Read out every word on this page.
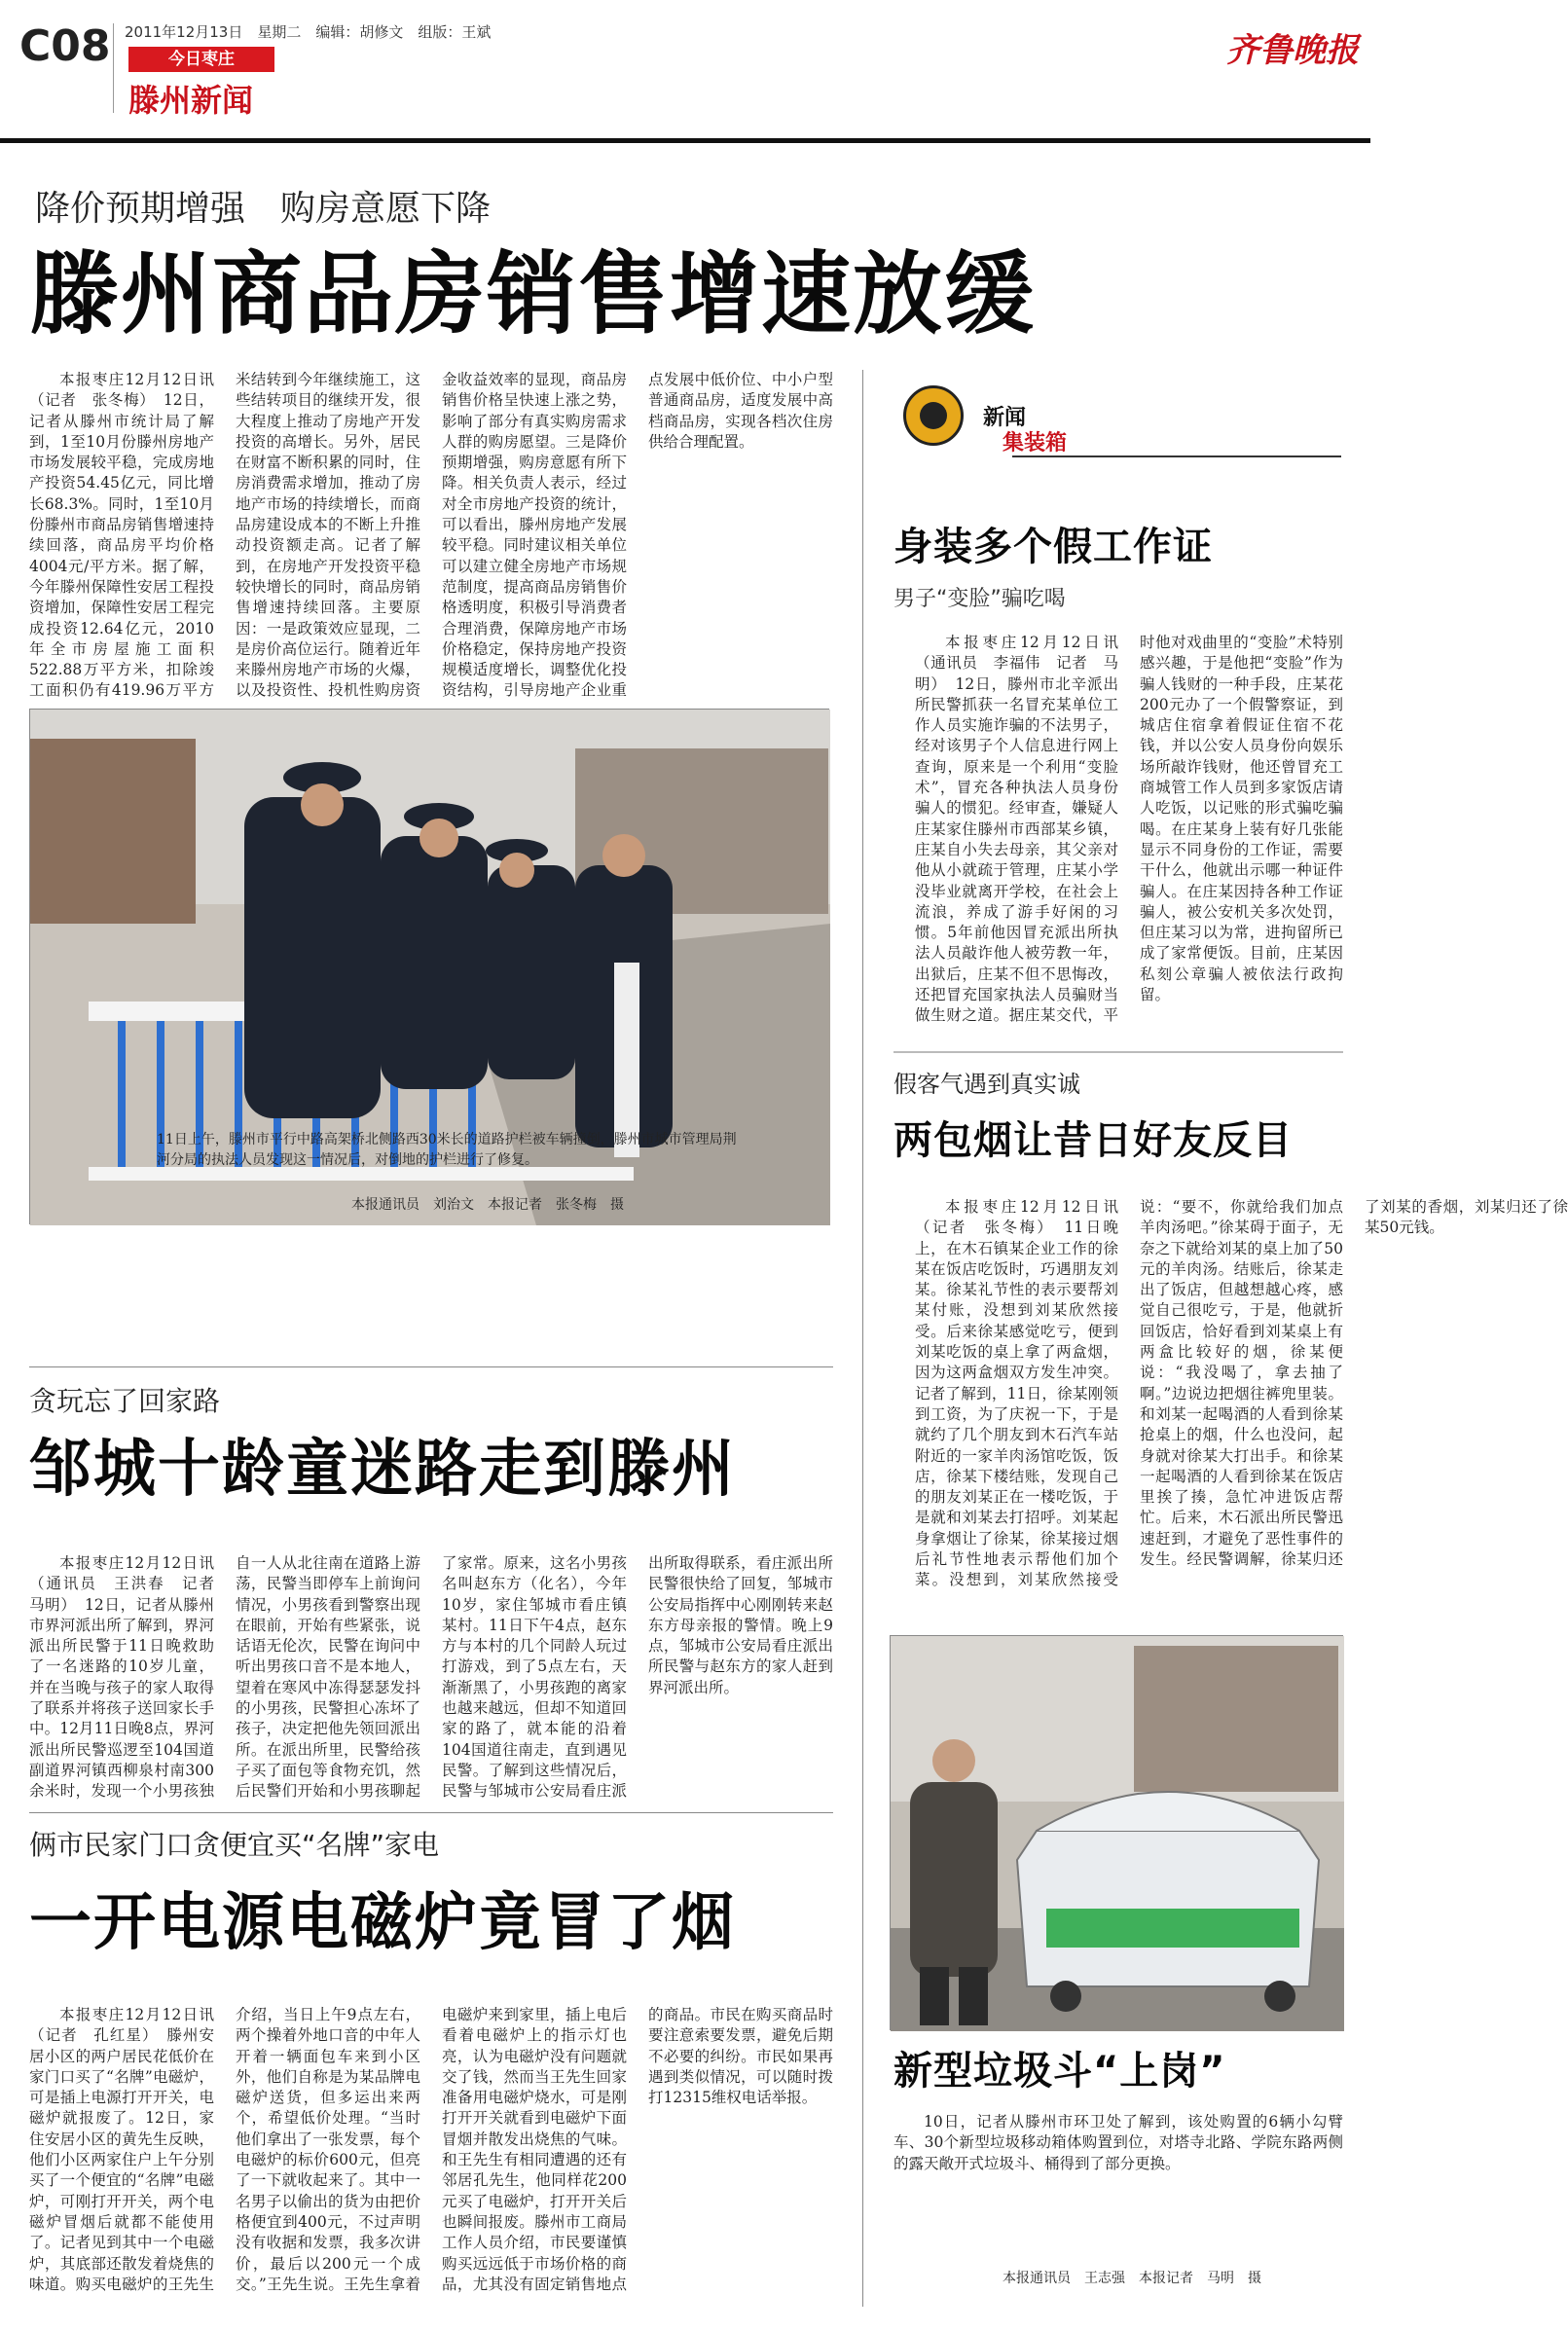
C08 2011年12月13日　星期二　编辑：胡修文　组版：王斌
今日枣庄
滕州新闻
齐鲁晚报
降价预期增强　购房意愿下降
滕州商品房销售增速放缓

本报枣庄12月12日讯（记者　张冬梅）　12日，记者从滕州市统计局了解到，1至10月份滕州房地产市场发展较平稳，完成房地产投资54.45亿元，同比增长68.3%。同时，1至10月份滕州市商品房销售增速持续回落，商品房平均价格4004元/平方米。据了解，今年滕州保障性安居工程投资增加，保障性安居工程完成投资12.64亿元，2010年全市房屋施工面积522.88万平方米，扣除竣工面积仍有419.96万平方米结转到今年继续施工，这些结转项目的继续开发，很大程度上推动了房地产开发投资的高增长。另外，居民在财富不断积累的同时，住房消费需求增加，推动了房地产市场的持续增长，而商品房建设成本的不断上升推动投资额走高。记者了解到，在房地产开发投资平稳较快增长的同时，商品房销售增速持续回落。主要原因：一是政策效应显现，二是房价高位运行。随着近年来滕州房地产市场的火爆，以及投资性、投机性购房资金收益效率的显现，商品房销售价格呈快速上涨之势，影响了部分有真实购房需求人群的购房愿望。三是降价预期增强，购房意愿有所下降。相关负责人表示，经过对全市房地产投资的统计，可以看出，滕州房地产发展较平稳。同时建议相关单位可以建立健全房地产市场规范制度，提高商品房销售价格透明度，积极引导消费者合理消费，保障房地产市场价格稳定，保持房地产投资规模适度增长，调整优化投资结构，引导房地产企业重点发展中低价位、中小户型普通商品房，适度发展中高档商品房，实现各档次住房供给合理配置。

新闻
集装箱
身装多个假工作证
男子“变脸”骗吃喝

本报枣庄12月12日讯（通讯员　李福伟　记者　马明）　12日，滕州市北辛派出所民警抓获一名冒充某单位工作人员实施诈骗的不法男子，经对该男子个人信息进行网上查询，原来是一个利用“变脸术”，冒充各种执法人员身份骗人的惯犯。经审查，嫌疑人庄某家住滕州市西部某乡镇，庄某自小失去母亲，其父亲对他从小就疏于管理，庄某小学没毕业就离开学校，在社会上流浪，养成了游手好闲的习惯。5年前他因冒充派出所执法人员敲诈他人被劳教一年，出狱后，庄某不但不思悔改，还把冒充国家执法人员骗财当做生财之道。据庄某交代，平时他对戏曲里的“变脸”术特别感兴趣，于是他把“变脸”作为骗人钱财的一种手段，庄某花200元办了一个假警察证，到城店住宿拿着假证住宿不花钱，并以公安人员身份向娱乐场所敲诈钱财，他还曾冒充工商城管工作人员到多家饭店请人吃饭，以记账的形式骗吃骗喝。在庄某身上装有好几张能显示不同身份的工作证，需要干什么，他就出示哪一种证件骗人。在庄某因持各种工作证骗人，被公安机关多次处罚，但庄某习以为常，进拘留所已成了家常便饭。目前，庄某因私刻公章骗人被依法行政拘留。

11日上午，滕州市平行中路高架桥北侧路西30米长的道路护栏被车辆撞倒，滕州市城市管理局荆河分局的执法人员发现这一情况后，对倒地的护栏进行了修复。
本报通讯员　刘治文　本报记者　张冬梅　摄
贪玩忘了回家路
邹城十龄童迷路走到滕州

本报枣庄12月12日讯（通讯员　王洪春　记者　马明）　12日，记者从滕州市界河派出所了解到，界河派出所民警于11日晚救助了一名迷路的10岁儿童，并在当晚与孩子的家人取得了联系并将孩子送回家长手中。12月11日晚8点，界河派出所民警巡逻至104国道副道界河镇西柳泉村南300余米时，发现一个小男孩独自一人从北往南在道路上游荡，民警当即停车上前询问情况，小男孩看到警察出现在眼前，开始有些紧张，说话语无伦次，民警在询问中听出男孩口音不是本地人，望着在寒风中冻得瑟瑟发抖的小男孩，民警担心冻坏了孩子，决定把他先领回派出所。在派出所里，民警给孩子买了面包等食物充饥，然后民警们开始和小男孩聊起了家常。原来，这名小男孩名叫赵东方（化名），今年10岁，家住邹城市看庄镇某村。11日下午4点，赵东方与本村的几个同龄人玩过打游戏，到了5点左右，天渐渐黑了，小男孩跑的离家也越来越远，但却不知道回家的路了，就本能的沿着104国道往南走，直到遇见民警。了解到这些情况后，民警与邹城市公安局看庄派出所取得联系，看庄派出所民警很快给了回复，邹城市公安局指挥中心刚刚转来赵东方母亲报的警情。晚上9点，邹城市公安局看庄派出所民警与赵东方的家人赶到界河派出所。

假客气遇到真实诚
两包烟让昔日好友反目

本报枣庄12月12日讯（记者　张冬梅）　11日晚上，在木石镇某企业工作的徐某在饭店吃饭时，巧遇朋友刘某。徐某礼节性的表示要帮刘某付账，没想到刘某欣然接受。后来徐某感觉吃亏，便到刘某吃饭的桌上拿了两盒烟，因为这两盒烟双方发生冲突。记者了解到，11日，徐某刚领到工资，为了庆祝一下，于是就约了几个朋友到木石汽车站附近的一家羊肉汤馆吃饭，饭店，徐某下楼结账，发现自己的朋友刘某正在一楼吃饭，于是就和刘某去打招呼。刘某起身拿烟让了徐某，徐某接过烟后礼节性地表示帮他们加个菜。没想到，刘某欣然接受说：“要不，你就给我们加点羊肉汤吧。”徐某碍于面子，无奈之下就给刘某的桌上加了50元的羊肉汤。结账后，徐某走出了饭店，但越想越心疼，感觉自己很吃亏，于是，他就折回饭店，恰好看到刘某桌上有两盒比较好的烟，徐某便说：“我没喝了，拿去抽了啊。”边说边把烟往裤兜里装。和刘某一起喝酒的人看到徐某抢桌上的烟，什么也没问，起身就对徐某大打出手。和徐某一起喝酒的人看到徐某在饭店里挨了揍，急忙冲进饭店帮忙。后来，木石派出所民警迅速赶到，才避免了恶性事件的发生。经民警调解，徐某归还了刘某的香烟，刘某归还了徐某50元钱。

俩市民家门口贪便宜买“名牌”家电
一开电源电磁炉竟冒了烟

本报枣庄12月12日讯（记者　孔红星）　滕州安居小区的两户居民花低价在家门口买了“名牌”电磁炉，可是插上电源打开开关，电磁炉就报废了。12日，家住安居小区的黄先生反映，他们小区两家住户上午分别买了一个便宜的“名牌”电磁炉，可刚打开开关，两个电磁炉冒烟后就都不能使用了。记者见到其中一个电磁炉，其底部还散发着烧焦的味道。购买电磁炉的王先生介绍，当日上午9点左右，两个操着外地口音的中年人开着一辆面包车来到小区外，他们自称是为某品牌电磁炉送货，但多运出来两个，希望低价处理。“当时他们拿出了一张发票，每个电磁炉的标价600元，但亮了一下就收起来了。其中一名男子以偷出的货为由把价格便宜到400元，不过声明没有收据和发票，我多次讲价，最后以200元一个成交。”王先生说。王先生拿着电磁炉来到家里，插上电后看着电磁炉上的指示灯也亮，认为电磁炉没有问题就交了钱，然而当王先生回家准备用电磁炉烧水，可是刚打开开关就看到电磁炉下面冒烟并散发出烧焦的气味。和王先生有相同遭遇的还有邻居孔先生，他同样花200元买了电磁炉，打开开关后也瞬间报废。滕州市工商局工作人员介绍，市民要谨慎购买远远低于市场价格的商品，尤其没有固定销售地点的商品。市民在购买商品时要注意索要发票，避免后期不必要的纠纷。市民如果再遇到类似情况，可以随时拨打12315维权电话举报。

新型垃圾斗“上岗”

10日，记者从滕州市环卫处了解到，该处购置的6辆小勾臂车、30个新型垃圾移动箱体购置到位，对塔寺北路、学院东路两侧的露天敞开式垃圾斗、桶得到了部分更换。

本报通讯员　王志强　本报记者　马明　摄
